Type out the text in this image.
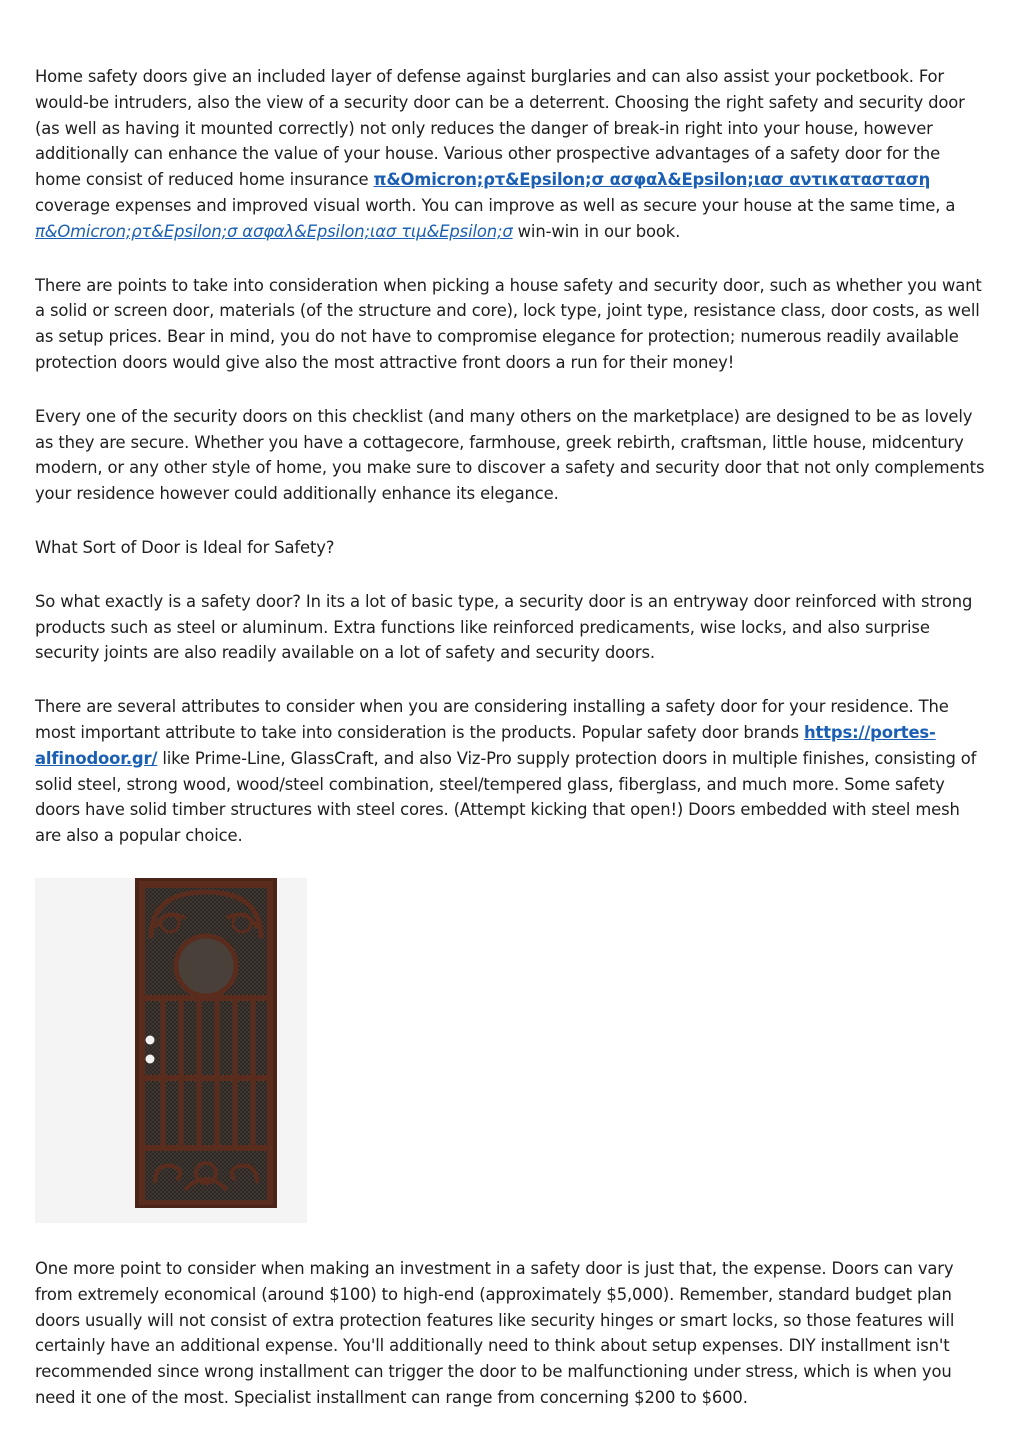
Home safety doors give an included layer of defense against burglaries and can also assist your pocketbook. For would-be intruders, also the view of a security door can be a deterrent. Choosing the right safety and security door (as well as having it mounted correctly) not only reduces the danger of break-in right into your house, however additionally can enhance the value of your house. Various other prospective advantages of a safety door for the home consist of reduced home insurance π&Omicron;ρτ&Epsilon;σ ασφαλ&Epsilon;ιασ αντικατασταση coverage expenses and improved visual worth. You can improve as well as secure your house at the same time, a π&Omicron;ρτ&Epsilon;σ ασφαλ&Epsilon;ιασ τιμ&Epsilon;σ win-win in our book.

There are points to take into consideration when picking a house safety and security door, such as whether you want a solid or screen door, materials (of the structure and core), lock type, joint type, resistance class, door costs, as well as setup prices. Bear in mind, you do not have to compromise elegance for protection; numerous readily available protection doors would give also the most attractive front doors a run for their money!

Every one of the security doors on this checklist (and many others on the marketplace) are designed to be as lovely as they are secure. Whether you have a cottagecore, farmhouse, greek rebirth, craftsman, little house, midcentury modern, or any other style of home, you make sure to discover a safety and security door that not only complements your residence however could additionally enhance its elegance.

What Sort of Door is Ideal for Safety?

So what exactly is a safety door? In its a lot of basic type, a security door is an entryway door reinforced with strong products such as steel or aluminum. Extra functions like reinforced predicaments, wise locks, and also surprise security joints are also readily available on a lot of safety and security doors.

There are several attributes to consider when you are considering installing a safety door for your residence. The most important attribute to take into consideration is the products. Popular safety door brands https://portes-alfinodoor.gr/ like Prime-Line, GlassCraft, and also Viz-Pro supply protection doors in multiple finishes, consisting of solid steel, strong wood, wood/steel combination, steel/tempered glass, fiberglass, and much more. Some safety doors have solid timber structures with steel cores. (Attempt kicking that open!) Doors embedded with steel mesh are also a popular choice.

One more point to consider when making an investment in a safety door is just that, the expense. Doors can vary from extremely economical (around $100) to high-end (approximately $5,000). Remember, standard budget plan doors usually will not consist of extra protection features like security hinges or smart locks, so those features will certainly have an additional expense. You'll additionally need to think about setup expenses. DIY installment isn't recommended since wrong installment can trigger the door to be malfunctioning under stress, which is when you need it one of the most. Specialist installment can range from concerning $200 to $600.
